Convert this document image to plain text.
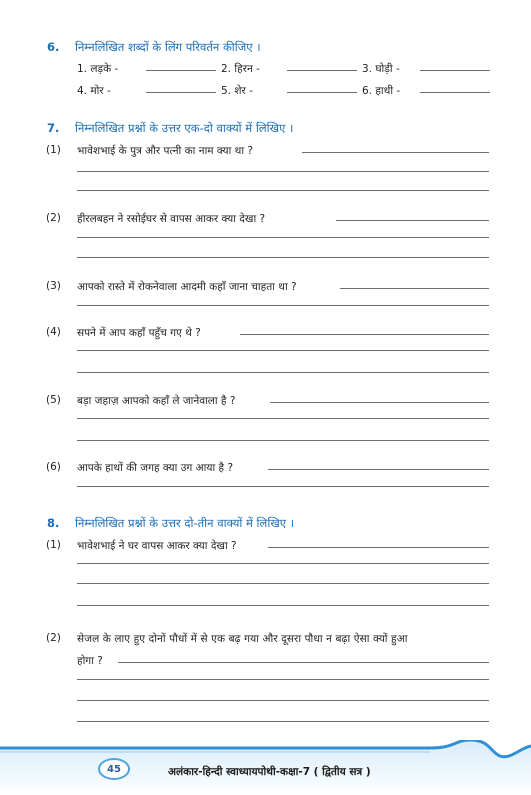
6. निम्नलिखित शब्दों के लिंग परिवर्तन कीजिए ।
1. लड़के -	2. हिरन -	3. घोड़ी -
4. मोर -	5. शेर -	6. हाथी -
7. निम्नलिखित प्रश्नों के उत्तर एक-दो वाक्यों में लिखिए ।
(1) भावेशभाई के पुत्र और पत्नी का नाम क्या था ?
(2) हीरलबहन ने रसोईघर से वापस आकर क्या देखा ?
(3) आपको रास्ते में रोकनेवाला आदमी कहाँ जाना चाहता था ?
(4) सपने में आप कहाँ पहुँच गए थे ?
(5) बड़ा जहाज़ आपको कहाँ ले जानेवाला है ?
(6) आपके हाथों की जगह क्या उग आया है ?
8. निम्नलिखित प्रश्नों के उत्तर दो-तीन वाक्यों में लिखिए ।
(1) भावेशभाई ने घर वापस आकर क्या देखा ?
(2) सेजल के लाए हुए दोनों पौधों में से एक बढ़ गया और दूसरा पौधा न बढ़ा ऐसा क्यों हुआ
होगा ?
45	अलंकार-हिन्दी स्वाध्यायपोथी-कक्षा-7 ( द्वितीय सत्र )
